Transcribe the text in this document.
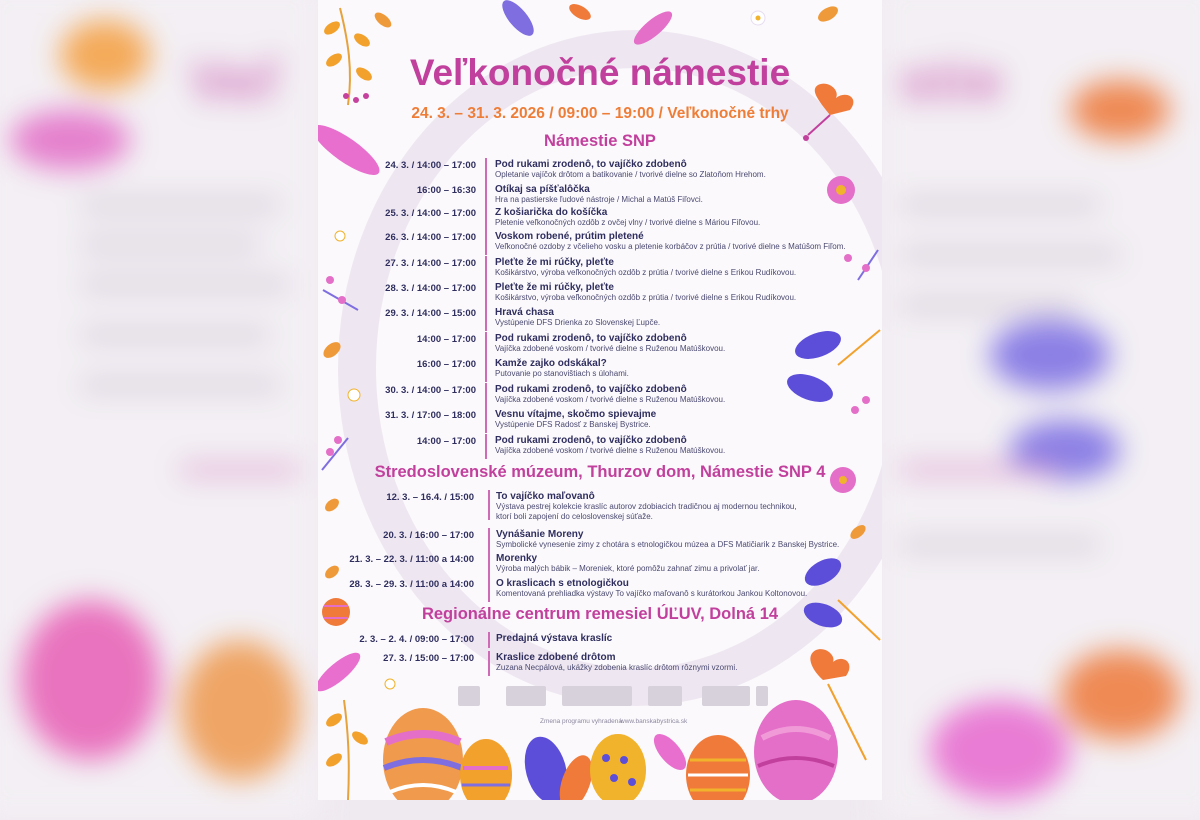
Veľ	stie
Veľkonočné námestie
24. 3. – 31. 3. 2026 / 09:00 – 19:00 / Veľkonočné trhy
Námestie SNP
24. 3. / 14:00 – 17:00 Pod rukami zrodenô, to vajíčko zdobenô
Opletanie vajíčok drôtom a batikovanie / tvorivé dielne so Zlatoňom Hrehom.
16:00 – 16:30 Otíkaj sa píšťalôčka
Hra na pastierske ľudové nástroje / Michal a Matúš Fiľovci.
25. 3. / 14:00 – 17:00 Z košiarička do košíčka
Pletenie veľkonočných ozdôb z ovčej vlny / tvorivé dielne s Máriou Fiľovou.
26. 3. / 14:00 – 17:00 Voskom robené, prútim pletené
Veľkonočné ozdoby z včelieho vosku a pletenie korbáčov z prútia / tvorivé dielne s Matúšom Fiľom.
27. 3. / 14:00 – 17:00 Pleťte že mi rúčky, pleťte
Košikárstvo, výroba veľkonočných ozdôb z prútia / tvorivé dielne s Erikou Rudíkovou.
28. 3. / 14:00 – 17:00 Pleťte že mi rúčky, pleťte
Košikárstvo, výroba veľkonočných ozdôb z prútia / tvorivé dielne s Erikou Rudíkovou.
29. 3. / 14:00 – 15:00 Hravá chasa
Vystúpenie DFS Drienka zo Slovenskej Ľupče.
14:00 – 17:00 Pod rukami zrodenô, to vajíčko zdobenô
Vajíčka zdobené voskom / tvorivé dielne s Ruženou Matúškovou.
16:00 – 17:00 Kamže zajko odskákal?
Putovanie po stanovištiach s úlohami.
30. 3. / 14:00 – 17:00 Pod rukami zrodenô, to vajíčko zdobenô
Vajíčka zdobené voskom / tvorivé dielne s Ruženou Matúškovou.
31. 3. / 17:00 – 18:00 Vesnu vítajme, skočmo spievajme
Vystúpenie DFS Radosť z Banskej Bystrice.
14:00 – 17:00 Pod rukami zrodenô, to vajíčko zdobenô
Vajíčka zdobené voskom / tvorivé dielne s Ruženou Matúškovou.
Stredoslovenské múzeum, Thurzov dom, Námestie SNP 4
12. 3. – 16.4. / 15:00 To vajíčko maľovanô
Výstava pestrej kolekcie kraslíc autorov zdobiacich tradičnou aj modernou technikou,
ktorí boli zapojení do celoslovenskej súťaže.
20. 3. / 16:00 – 17:00 Vynášanie Moreny
Symbolické vynesenie zimy z chotára s etnologičkou múzea a DFS Matičiarik z Banskej Bystrice.
21. 3. – 22. 3. / 11:00 a 14:00 Morenky
Výroba malých bábik – Moreniek, ktoré pomôžu zahnať zimu a privolať jar.
28. 3. – 29. 3. / 11:00 a 14:00 O kraslicach s etnologičkou
Komentovaná prehliadka výstavy To vajíčko maľovanô s kurátorkou Jankou Koltonovou.
Regionálne centrum remesiel ÚĽUV, Dolná 14
2. 3. – 2. 4. / 09:00 – 17:00 Predajná výstava kraslíc
27. 3. / 15:00 – 17:00 Kraslice zdobené drôtom
Zuzana Necpálová, ukážky zdobenia kraslíc drôtom rôznymi vzormi.
Zmena programu vyhradená.
www.banskabystrica.sk
